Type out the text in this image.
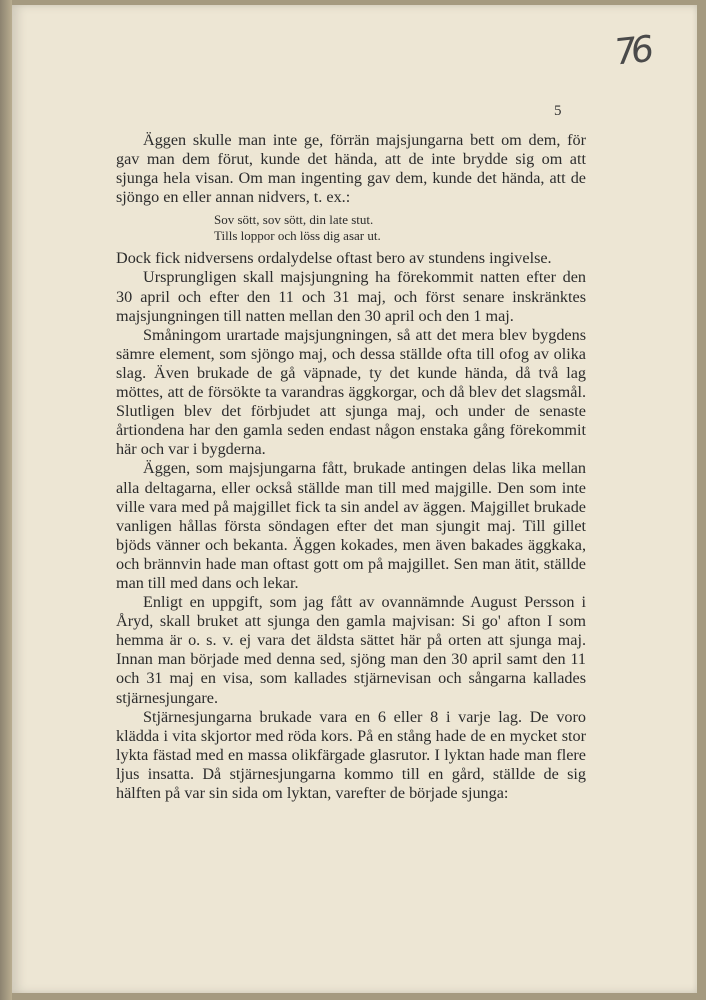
76
5

Äggen skulle man inte ge, förrän majsjungarna bett om dem, för gav man dem förut, kunde det hända, att de inte brydde sig om att sjunga hela visan. Om man ingenting gav dem, kunde det hända, att de sjöngo en eller annan nidvers, t. ex.:

Sov sött, sov sött, din late stut.
Tills loppor och löss dig asar ut.

Dock fick nidversens ordalydelse oftast bero av stundens ingivelse.

Ursprungligen skall majsjungning ha förekommit natten efter den 30 april och efter den 11 och 31 maj, och först senare inskränktes majsjungningen till natten mellan den 30 april och den 1 maj.

Småningom urartade majsjungningen, så att det mera blev bygdens sämre element, som sjöngo maj, och dessa ställde ofta till ofog av olika slag. Även brukade de gå väpnade, ty det kunde hända, då två lag möttes, att de försökte ta varandras äggkorgar, och då blev det slagsmål. Slutligen blev det förbjudet att sjunga maj, och under de senaste årtiondena har den gamla seden endast någon enstaka gång förekommit här och var i bygderna.

Äggen, som majsjungarna fått, brukade antingen delas lika mellan alla deltagarna, eller också ställde man till med majgille. Den som inte ville vara med på majgillet fick ta sin andel av äggen. Majgillet brukade vanligen hållas första söndagen efter det man sjungit maj. Till gillet bjöds vänner och bekanta. Äggen kokades, men även bakades äggkaka, och brännvin hade man oftast gott om på majgillet. Sen man ätit, ställde man till med dans och lekar.

Enligt en uppgift, som jag fått av ovannämnde August Persson i Åryd, skall bruket att sjunga den gamla majvisan: Si go' afton I som hemma är o. s. v. ej vara det äldsta sättet här på orten att sjunga maj. Innan man började med denna sed, sjöng man den 30 april samt den 11 och 31 maj en visa, som kallades stjärnevisan och sångarna kallades stjärnesjungare.

Stjärnesjungarna brukade vara en 6 eller 8 i varje lag. De voro klädda i vita skjortor med röda kors. På en stång hade de en mycket stor lykta fästad med en massa olikfärgade glasrutor. I lyktan hade man flere ljus insatta. Då stjärnesjungarna kommo till en gård, ställde de sig hälften på var sin sida om lyktan, varefter de började sjunga:
